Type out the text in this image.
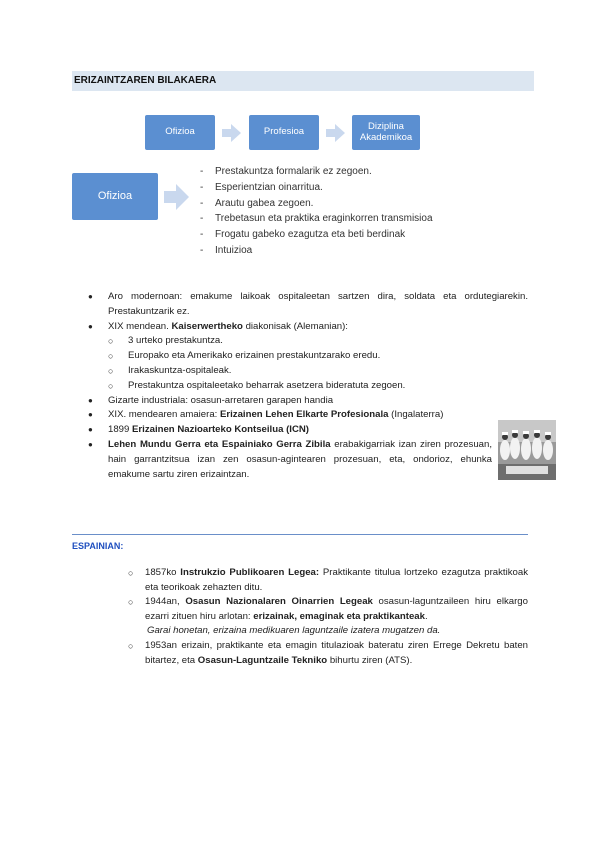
ERIZAINTZAREN BILAKAERA
Ofizioa	Profesioa	Diziplina Akademikoa
Ofizioa
- Prestakuntza formalarik ez zegoen.
- Esperientzian oinarritua.
- Arautu gabea zegoen.
- Trebetasun eta praktika eraginkorren transmisioa
- Frogatu gabeko ezagutza eta beti berdinak
- Intuizioa
● Aro modernoan: emakume laikoak ospitaleetan sartzen dira, soldata eta ordutegiarekin. Prestakuntzarik ez.
● XIX mendean. Kaiserwertheko diakonisak (Alemanian):
○ 3 urteko prestakuntza.
○ Europako eta Amerikako erizainen prestakuntzarako eredu.
○ Irakaskuntza-ospitaleak.
○ Prestakuntza ospitaleetako beharrak asetzera bideratuta zegoen.
● Gizarte industriala: osasun-arretaren garapen handia
● XIX. mendearen amaiera: Erizainen Lehen Elkarte Profesionala (Ingalaterra)
● 1899 Erizainen Nazioarteko Kontseilua (ICN)
● Lehen Mundu Gerra eta Espainiako Gerra Zibila erabakigarriak izan ziren prozesuan, hain garrantzitsua izan zen osasun-agintearen prozesuan, eta, ondorioz, ehunka emakume sartu ziren erizaintzan.
ESPAINIAN:
○ 1857ko Instrukzio Publikoaren Legea: Praktikante titulua lortzeko ezagutza praktikoak eta teorikoak zehazten ditu.
○ 1944an, Osasun Nazionalaren Oinarrien Legeak osasun-laguntzaileen hiru elkargo ezarri zituen hiru arlotan: erizainak, emaginak eta praktikanteak.
Garai honetan, erizaina medikuaren laguntzaile izatera mugatzen da.
○ 1953an erizain, praktikante eta emagin titulazioak bateratu ziren Errege Dekretu baten bitartez, eta Osasun-Laguntzaile Tekniko bihurtu ziren (ATS).
